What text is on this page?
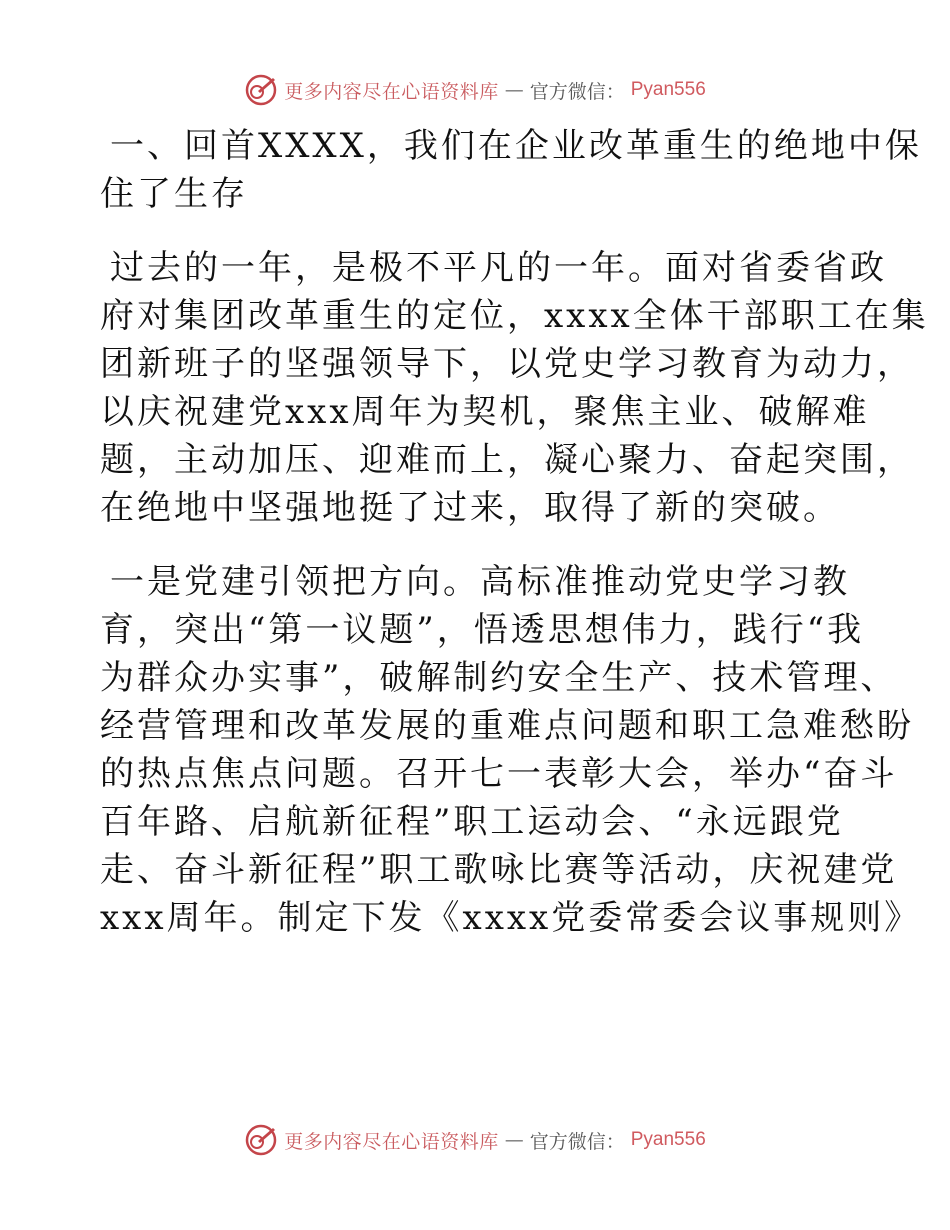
更多内容尽在心语资料库 — 官方微信： Pyan556
一、回首XXXX，我们在企业改革重生的绝地中保
住了生存
过去的一年，是极不平凡的一年。面对省委省政
府对集团改革重生的定位，xxxx全体干部职工在集
团新班子的坚强领导下，以党史学习教育为动力，
以庆祝建党xxx周年为契机，聚焦主业、破解难
题，主动加压、迎难而上，凝心聚力、奋起突围，
在绝地中坚强地挺了过来，取得了新的突破。
一是党建引领把方向。高标准推动党史学习教
育，突出“第一议题”，悟透思想伟力，践行“我
为群众办实事”，破解制约安全生产、技术管理、
经营管理和改革发展的重难点问题和职工急难愁盼
的热点焦点问题。召开七一表彰大会，举办“奋斗
百年路、启航新征程”职工运动会、“永远跟党
走、奋斗新征程”职工歌咏比赛等活动，庆祝建党
xxx周年。制定下发《xxxx党委常委会议事规则》
更多内容尽在心语资料库 — 官方微信： Pyan556
